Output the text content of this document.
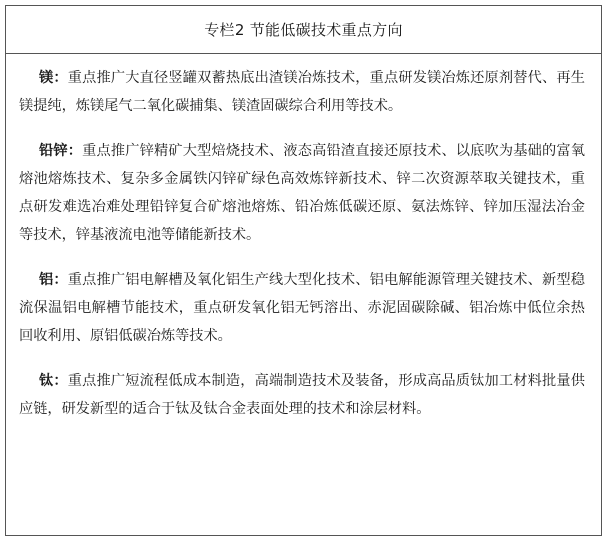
专栏2 节能低碳技术重点方向

镁：重点推广大直径竖罐双蓄热底出渣镁冶炼技术，重点研发镁冶炼还原剂替代、再生镁提纯，炼镁尾气二氧化碳捕集、镁渣固碳综合利用等技术。

铅锌：重点推广锌精矿大型焙烧技术、液态高铅渣直接还原技术、以底吹为基础的富氧熔池熔炼技术、复杂多金属铁闪锌矿绿色高效炼锌新技术、锌二次资源萃取关键技术，重点研发难选冶难处理铅锌复合矿熔池熔炼、铅冶炼低碳还原、氨法炼锌、锌加压湿法冶金等技术，锌基液流电池等储能新技术。

铝：重点推广铝电解槽及氧化铝生产线大型化技术、铝电解能源管理关键技术、新型稳流保温铝电解槽节能技术，重点研发氧化铝无钙溶出、赤泥固碳除碱、铝冶炼中低位余热回收利用、原铝低碳冶炼等技术。

钛：重点推广短流程低成本制造，高端制造技术及装备，形成高品质钛加工材料批量供应链，研发新型的适合于钛及钛合金表面处理的技术和涂层材料。
